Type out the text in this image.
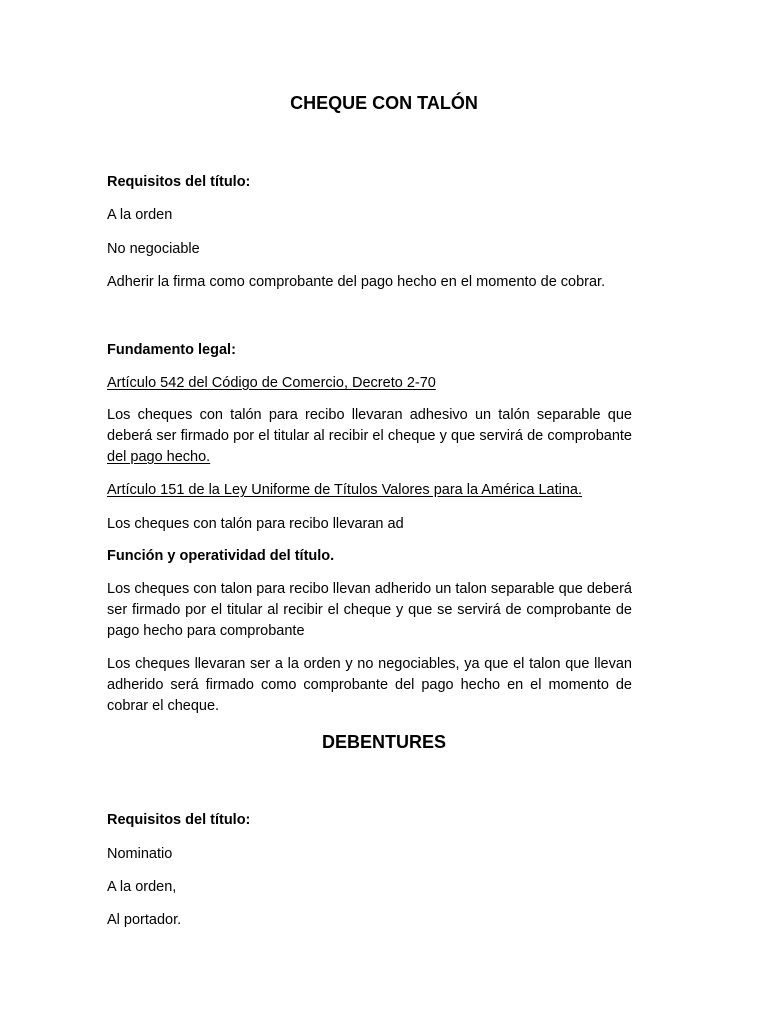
CHEQUE CON TALÓN

Requisitos del título:

A la orden

No negociable

Adherir la firma como comprobante del pago hecho en el momento de cobrar.

Fundamento legal:

Artículo 542 del Código de Comercio, Decreto 2-70

Los cheques con talón para recibo llevaran adhesivo un talón separable que
deberá ser firmado por el titular al recibir el cheque y que servirá de comprobante
del pago hecho.

Artículo 151 de la Ley Uniforme de Títulos Valores para la América Latina.

Los cheques con talón para recibo llevaran ad

Función y operatividad del título.

Los cheques con talon para recibo llevan adherido un talon separable que deberá
ser firmado por el titular al recibir el cheque y que se servirá de comprobante de
pago hecho para comprobante
Los cheques llevaran ser a la orden y no negociables, ya que el talon que llevan
adherido será firmado como comprobante del pago hecho en el momento de
cobrar el cheque.
DEBENTURES

Requisitos del título:

Nominatio

A la orden,

Al portador.
